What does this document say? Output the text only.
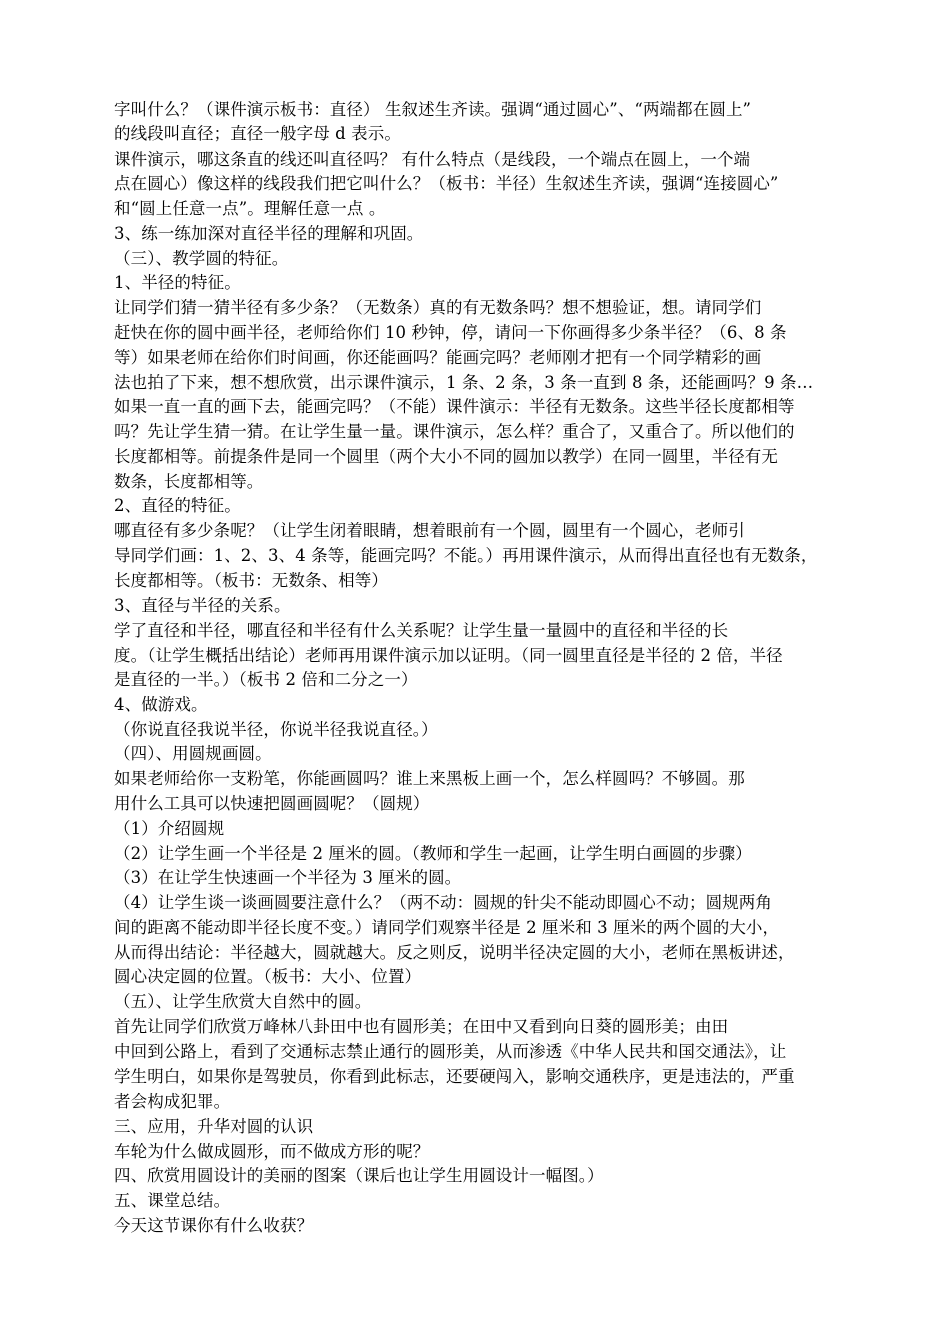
字叫什么？（课件演示板书：直径） 生叙述生齐读。强调“通过圆心”、“两端都在圆上”
的线段叫直径；直径一般字母 d 表示。
课件演示，哪这条直的线还叫直径吗？ 有什么特点（是线段，一个端点在圆上，一个端
点在圆心）像这样的线段我们把它叫什么？（板书：半径）生叙述生齐读，强调“连接圆心”
和“圆上任意一点”。理解任意一点 。
3、练一练加深对直径半径的理解和巩固。
（三）、教学圆的特征。
1、半径的特征。
让同学们猜一猜半径有多少条？（无数条）真的有无数条吗？想不想验证，想。请同学们
赶快在你的圆中画半径，老师给你们 10 秒钟，停，请问一下你画得多少条半径？（6、8 条
等）如果老师在给你们时间画，你还能画吗？能画完吗？老师刚才把有一个同学精彩的画
法也拍了下来，想不想欣赏，出示课件演示，1 条、2 条，3 条一直到 8 条，还能画吗？9 条…
如果一直一直的画下去，能画完吗？（不能）课件演示：半径有无数条。这些半径长度都相等
吗？先让学生猜一猜。在让学生量一量。课件演示，怎么样？重合了，又重合了。所以他们的
长度都相等。前提条件是同一个圆里（两个大小不同的圆加以教学）在同一圆里，半径有无
数条，长度都相等。
2、直径的特征。
哪直径有多少条呢？（让学生闭着眼睛，想着眼前有一个圆，圆里有一个圆心，老师引
导同学们画：1、2、3、4 条等，能画完吗？不能。）再用课件演示，从而得出直径也有无数条，
长度都相等。（板书：无数条、相等）
3、直径与半径的关系。
学了直径和半径，哪直径和半径有什么关系呢？让学生量一量圆中的直径和半径的长
度。（让学生概括出结论）老师再用课件演示加以证明。（同一圆里直径是半径的 2 倍，半径
是直径的一半。）（板书 2 倍和二分之一）
4、做游戏。
（你说直径我说半径，你说半径我说直径。）
（四）、用圆规画圆。
如果老师给你一支粉笔，你能画圆吗？谁上来黑板上画一个，怎么样圆吗？不够圆。那
用什么工具可以快速把圆画圆呢？（圆规）
（1）介绍圆规
（2）让学生画一个半径是 2 厘米的圆。（教师和学生一起画，让学生明白画圆的步骤）
（3）在让学生快速画一个半径为 3 厘米的圆。
（4）让学生谈一谈画圆要注意什么？（两不动：圆规的针尖不能动即圆心不动；圆规两角
间的距离不能动即半径长度不变。）请同学们观察半径是 2 厘米和 3 厘米的两个圆的大小，
从而得出结论：半径越大，圆就越大。反之则反，说明半径决定圆的大小，老师在黑板讲述，
圆心决定圆的位置。（板书：大小、位置）
（五）、让学生欣赏大自然中的圆。
首先让同学们欣赏万峰林八卦田中也有圆形美；在田中又看到向日葵的圆形美；由田
中回到公路上，看到了交通标志禁止通行的圆形美，从而渗透《中华人民共和国交通法》，让
学生明白，如果你是驾驶员，你看到此标志，还要硬闯入，影响交通秩序，更是违法的，严重
者会构成犯罪。
三、应用，升华对圆的认识
车轮为什么做成圆形，而不做成方形的呢？
四、欣赏用圆设计的美丽的图案（课后也让学生用圆设计一幅图。）
五、课堂总结。
今天这节课你有什么收获？
